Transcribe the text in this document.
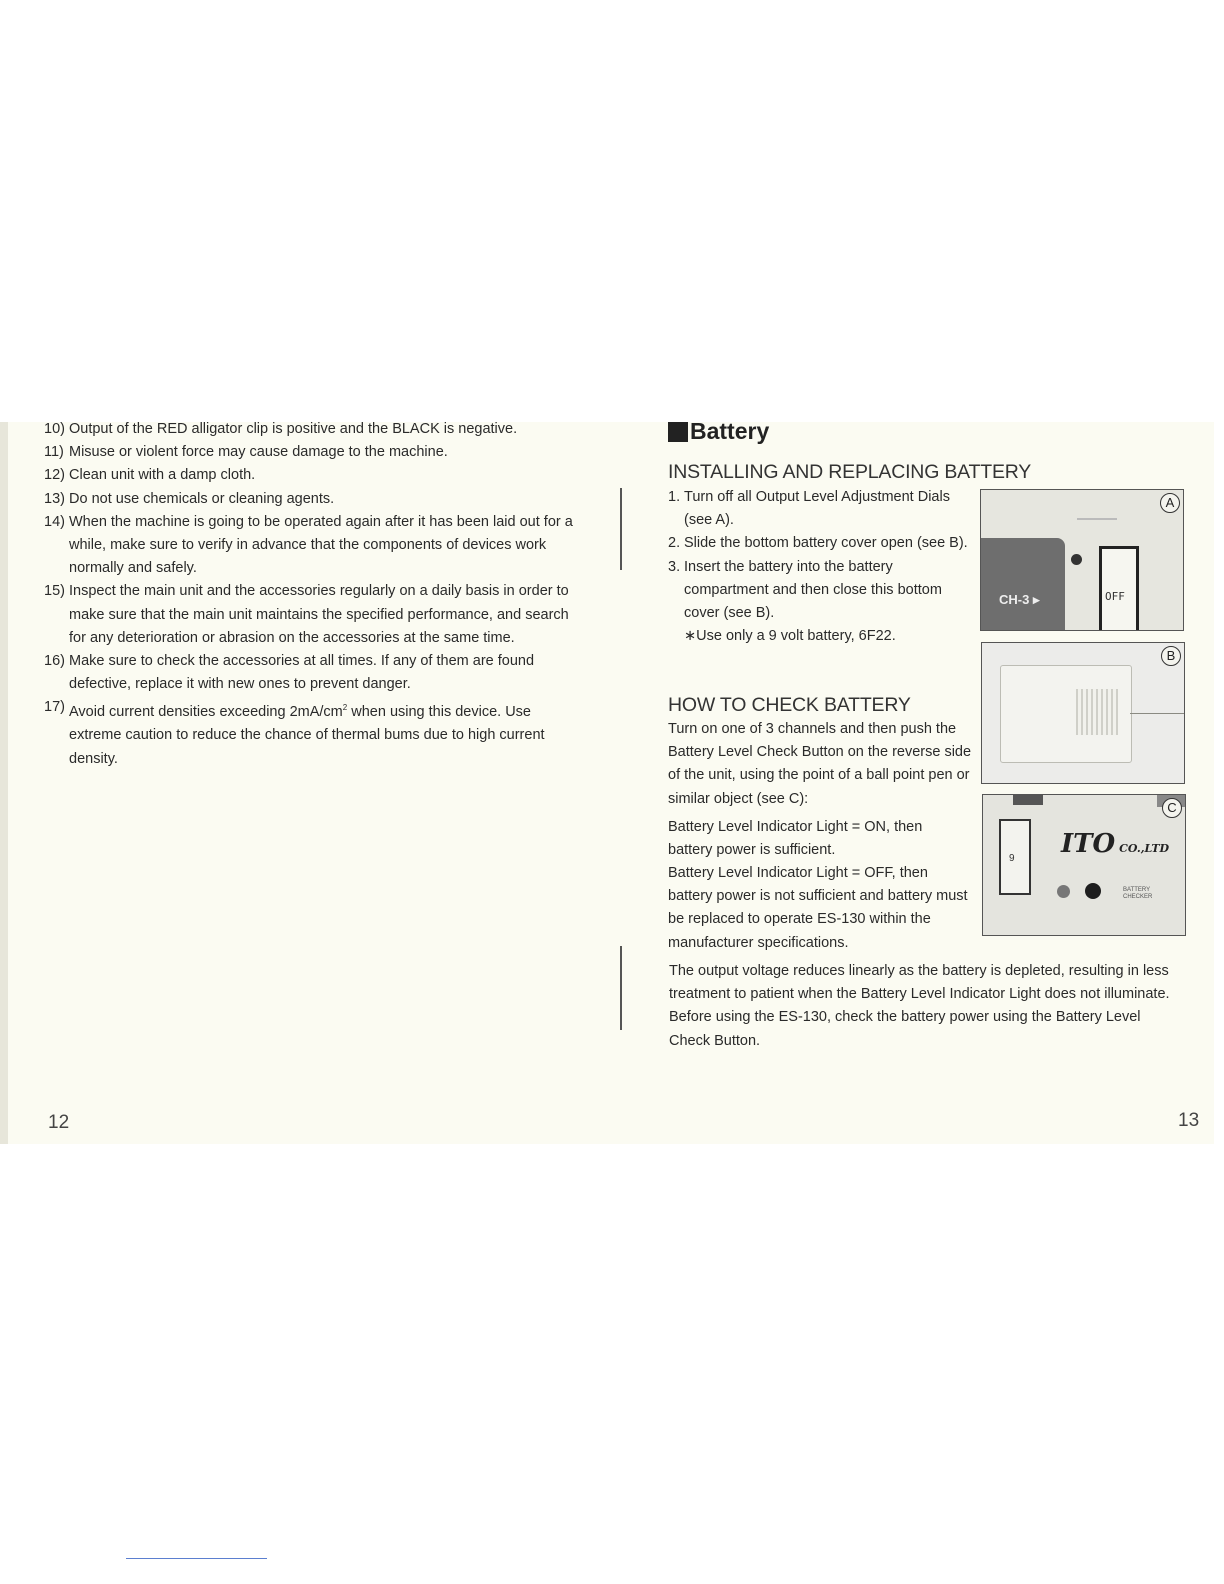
10) Output of the RED alligator clip is positive and the BLACK is negative.
11) Misuse or violent force may cause damage to the machine.
12) Clean unit with a damp cloth.
13) Do not use chemicals or cleaning agents.
14) When the machine is going to be operated again after it has been laid out for a while, make sure to verify in advance that the components of devices work normally and safely.
15) Inspect the main unit and the accessories regularly on a daily basis in order to make sure that the main unit maintains the specified performance, and search for any deterioration or abrasion on the accessories at the same time.
16) Make sure to check the accessories at all times. If any of them are found defective, replace it with new ones to prevent danger.
17) Avoid current densities exceeding $2mA/cm^2$ when using this device. Use extreme caution to reduce the chance of thermal bums due to high current density.
12
Battery
INSTALLING AND REPLACING BATTERY
1. Turn off all Output Level Adjustment Dials (see A).
2. Slide the bottom battery cover open (see B).
3. Insert the battery into the battery compartment and then close this bottom cover (see B).
∗Use only a 9 volt battery, 6F22.
HOW TO CHECK BATTERY
Turn on one of 3 channels and then push the Battery Level Check Button on the reverse side of the unit, using the point of a ball point pen or similar object (see C):
Battery Level Indicator Light = ON, then battery power is sufficient.
Battery Level Indicator Light = OFF, then battery power is not sufficient and battery must be replaced to operate ES-130 within the manufacturer specifications.
The output voltage reduces linearly as the battery is depleted, resulting in less treatment to patient when the Battery Level Indicator Light does not illuminate. Before using the ES-130, check the battery power using the Battery Level Check Button.
13
CH-3 ▸	OFF
A
B
9 ITO CO.,LTD
BATTERY
CHECKER
C
